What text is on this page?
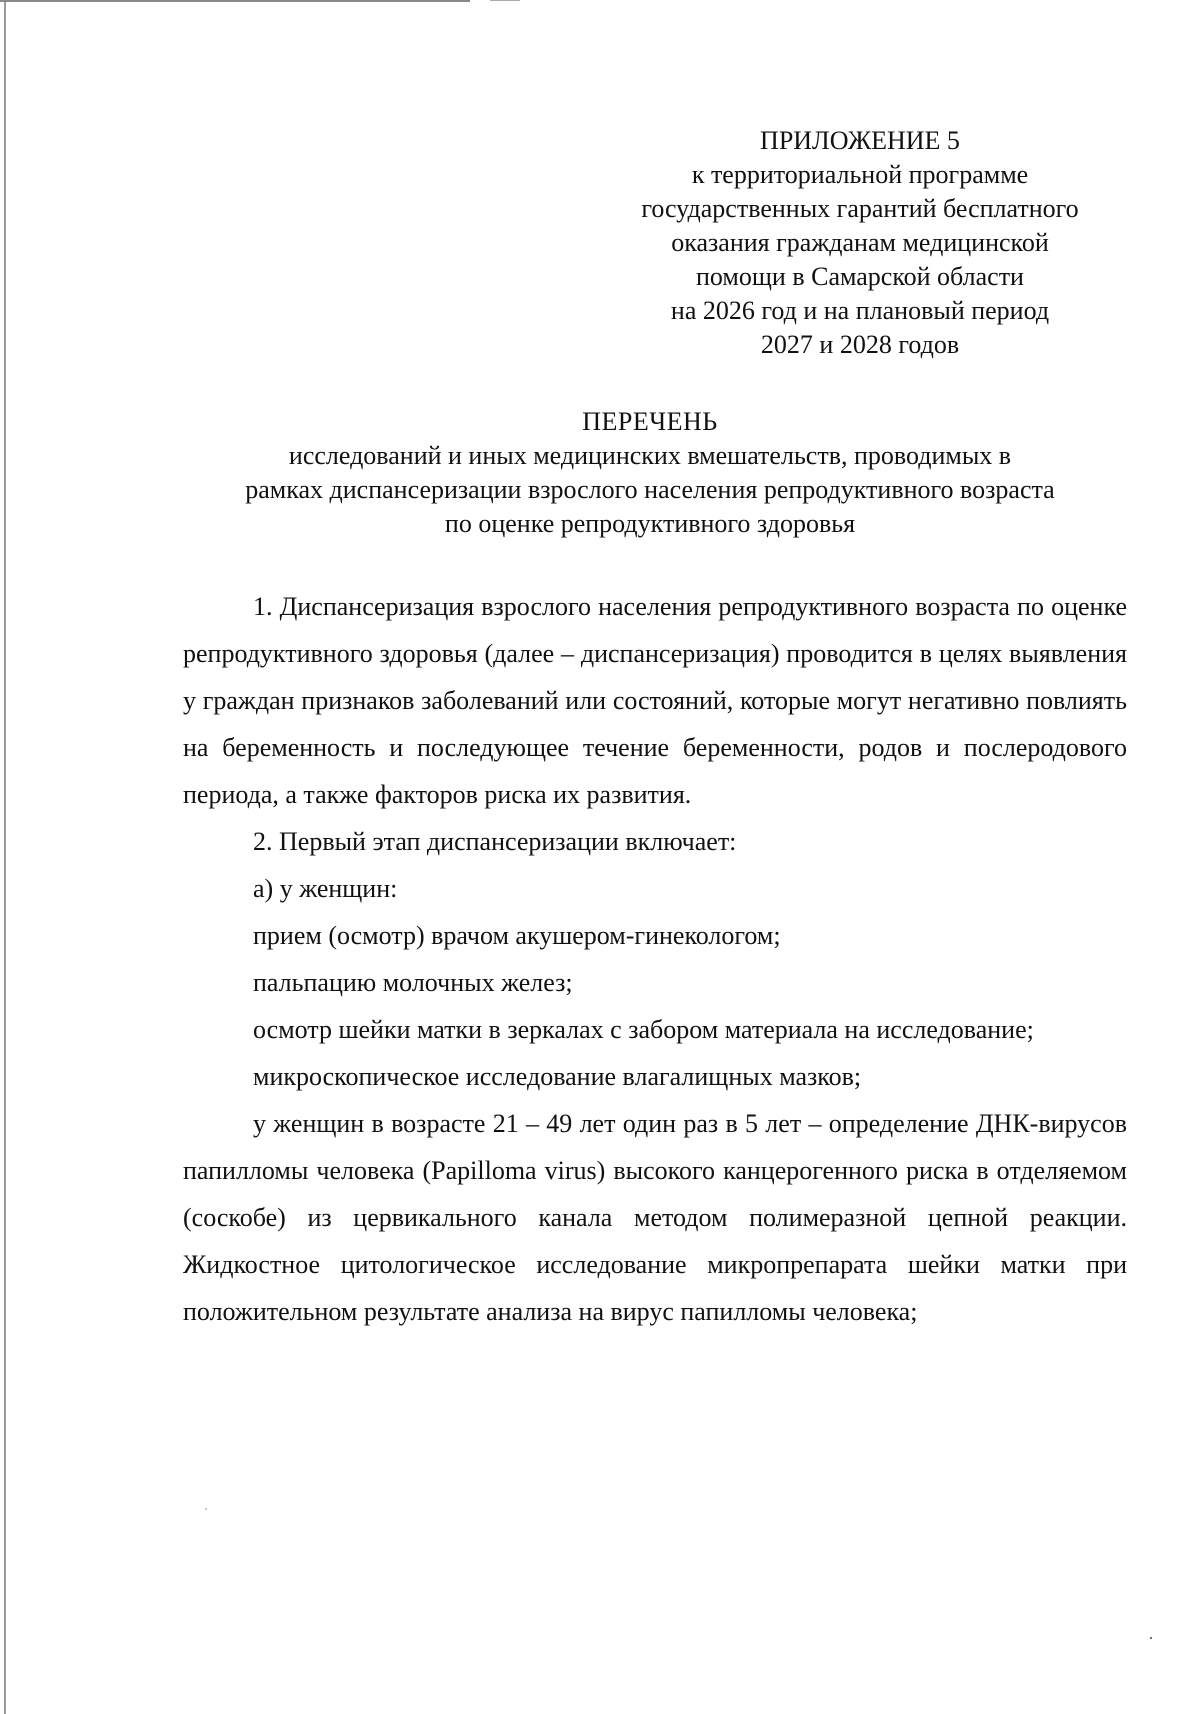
ПРИЛОЖЕНИЕ 5
к территориальной программе
государственных гарантий бесплатного
оказания гражданам медицинской
помощи в Самарской области
на 2026 год и на плановый период
2027 и 2028 годов
ПЕРЕЧЕНЬ
исследований и иных медицинских вмешательств, проводимых в
рамках диспансеризации взрослого населения репродуктивного возраста
по оценке репродуктивного здоровья

1. Диспансеризация взрослого населения репродуктивного возраста по оценке репродуктивного здоровья (далее – диспансеризация) проводится в целях выявления у граждан признаков заболеваний или состояний, которые могут негативно повлиять на беременность и последующее течение беременности, родов и послеродового периода, а также факторов риска их развития.

2. Первый этап диспансеризации включает:

а) у женщин:

прием (осмотр) врачом акушером-гинекологом;

пальпацию молочных желез;

осмотр шейки матки в зеркалах с забором материала на исследование;

микроскопическое исследование влагалищных мазков;

у женщин в возрасте 21 – 49 лет один раз в 5 лет – определение ДНК-вирусов папилломы человека (Papilloma virus) высокого канцерогенного риска в отделяемом (соскобе) из цервикального канала методом полимеразной цепной реакции. Жидкостное цитологическое исследование микропрепарата шейки матки при положительном результате анализа на вирус папилломы человека;
